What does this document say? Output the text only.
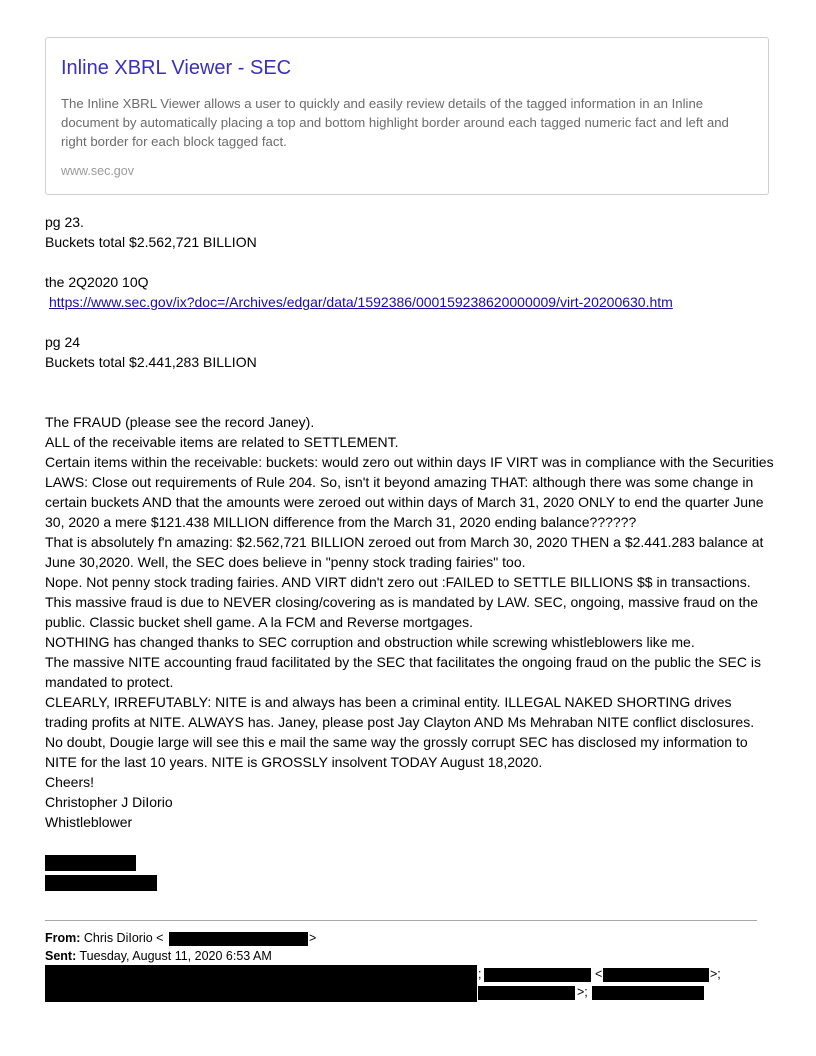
Inline XBRL Viewer - SEC
The Inline XBRL Viewer allows a user to quickly and easily review details of the tagged information in an Inline document by automatically placing a top and bottom highlight border around each tagged numeric fact and left and right border for each block tagged fact.
www.sec.gov
pg 23.
Buckets total $2.562,721 BILLION
the 2Q2020 10Q
https://www.sec.gov/ix?doc=/Archives/edgar/data/1592386/000159238620000009/virt-20200630.htm
pg 24
Buckets total $2.441,283 BILLION

The FRAUD (please see the record Janey).

ALL of the receivable items are related to SETTLEMENT.

Certain items within the receivable: buckets: would zero out within days IF VIRT was in compliance with the Securities LAWS: Close out requirements of Rule 204. So, isn't it beyond amazing THAT: although there was some change in certain buckets AND that the amounts were zeroed out within days of March 31, 2020 ONLY to end the quarter June 30, 2020 a mere $121.438 MILLION difference from the March 31, 2020 ending balance??????

That is absolutely f'n amazing: $2.562,721 BILLION zeroed out from March 30, 2020 THEN a $2.441.283 balance at June 30,2020. Well, the SEC does believe in "penny stock trading fairies" too.

Nope. Not penny stock trading fairies. AND VIRT didn't zero out :FAILED to SETTLE BILLIONS $$ in transactions. This massive fraud is due to NEVER closing/covering as is mandated by LAW. SEC, ongoing, massive fraud on the public. Classic bucket shell game. A la FCM and Reverse mortgages.

NOTHING has changed thanks to SEC corruption and obstruction while screwing whistleblowers like me.

The massive NITE accounting fraud facilitated by the SEC that facilitates the ongoing fraud on the public the SEC is mandated to protect.

CLEARLY, IRREFUTABLY: NITE is and always has been a criminal entity. ILLEGAL NAKED SHORTING drives trading profits at NITE. ALWAYS has. Janey, please post Jay Clayton AND Ms Mehraban NITE conflict disclosures. No doubt, Dougie large will see this e mail the same way the grossly corrupt SEC has disclosed my information to NITE for the last 10 years. NITE is GROSSLY insolvent TODAY August 18,2020.

Cheers!

Christopher J DiIorio

Whistleblower

From: Chris DiIorio <	>
Sent: Tuesday, August 11, 2020 6:53 AM
;	<	>;
>;
